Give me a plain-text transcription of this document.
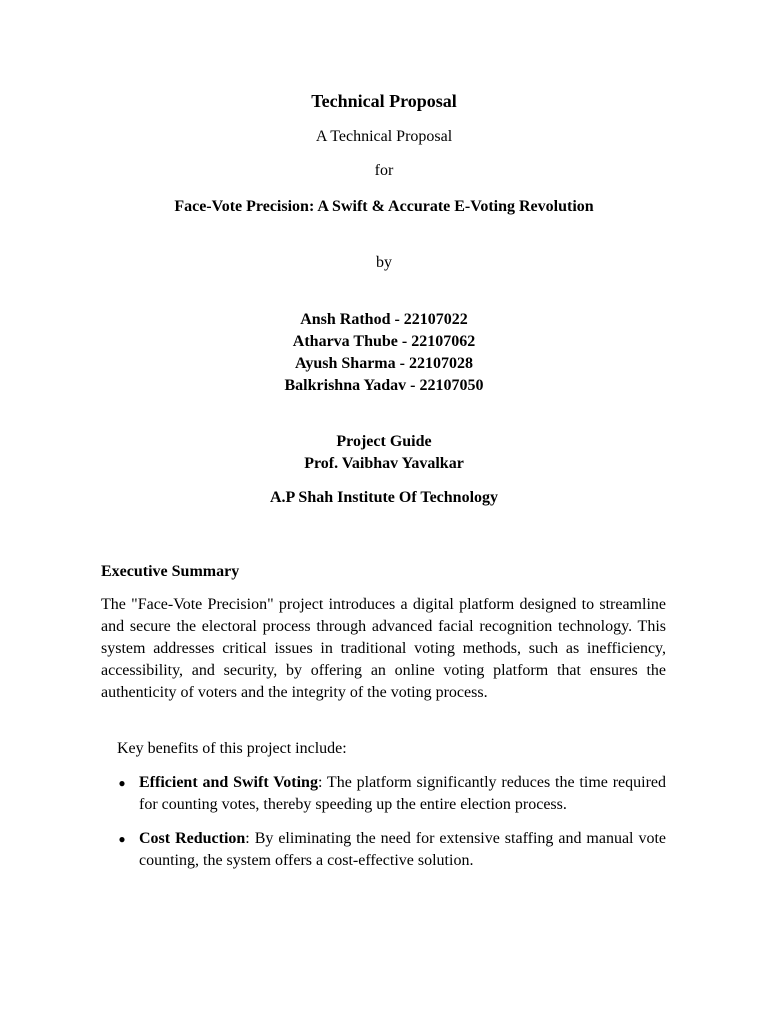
Technical Proposal
A Technical Proposal
for
Face-Vote Precision: A Swift & Accurate E-Voting Revolution
by
Ansh Rathod - 22107022
Atharva Thube - 22107062
Ayush Sharma - 22107028
Balkrishna Yadav - 22107050
Project Guide
Prof. Vaibhav Yavalkar
A.P Shah Institute Of Technology
Executive Summary
The "Face-Vote Precision" project introduces a digital platform designed to streamline and secure the electoral process through advanced facial recognition technology. This system addresses critical issues in traditional voting methods, such as inefficiency, accessibility, and security, by offering an online voting platform that ensures the authenticity of voters and the integrity of the voting process.
Key benefits of this project include:
● Efficient and Swift Voting: The platform significantly reduces the time required for counting votes, thereby speeding up the entire election process.
● Cost Reduction: By eliminating the need for extensive staffing and manual vote counting, the system offers a cost-effective solution.
